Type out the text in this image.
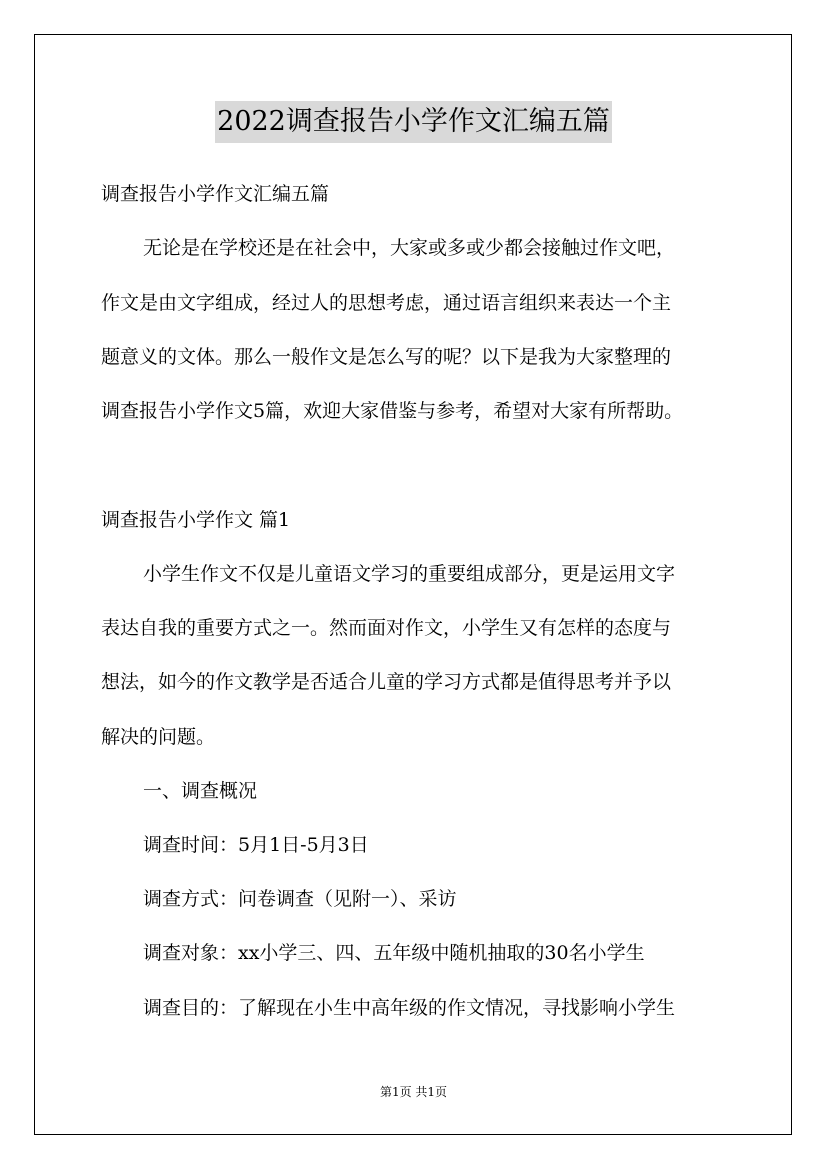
2022调查报告小学作文汇编五篇
调查报告小学作文汇编五篇
无论是在学校还是在社会中，大家或多或少都会接触过作文吧，
作文是由文字组成，经过人的思想考虑，通过语言组织来表达一个主
题意义的文体。那么一般作文是怎么写的呢？以下是我为大家整理的
调查报告小学作文5篇，欢迎大家借鉴与参考，希望对大家有所帮助。
调查报告小学作文 篇1
小学生作文不仅是儿童语文学习的重要组成部分，更是运用文字
表达自我的重要方式之一。然而面对作文，小学生又有怎样的态度与
想法，如今的作文教学是否适合儿童的学习方式都是值得思考并予以
解决的问题。
一、调查概况
调查时间：5月1日-5月3日
调查方式：问卷调查（见附一）、采访
调查对象：xx小学三、四、五年级中随机抽取的30名小学生
调查目的：了解现在小生中高年级的作文情况，寻找影响小学生
第1页 共1页
